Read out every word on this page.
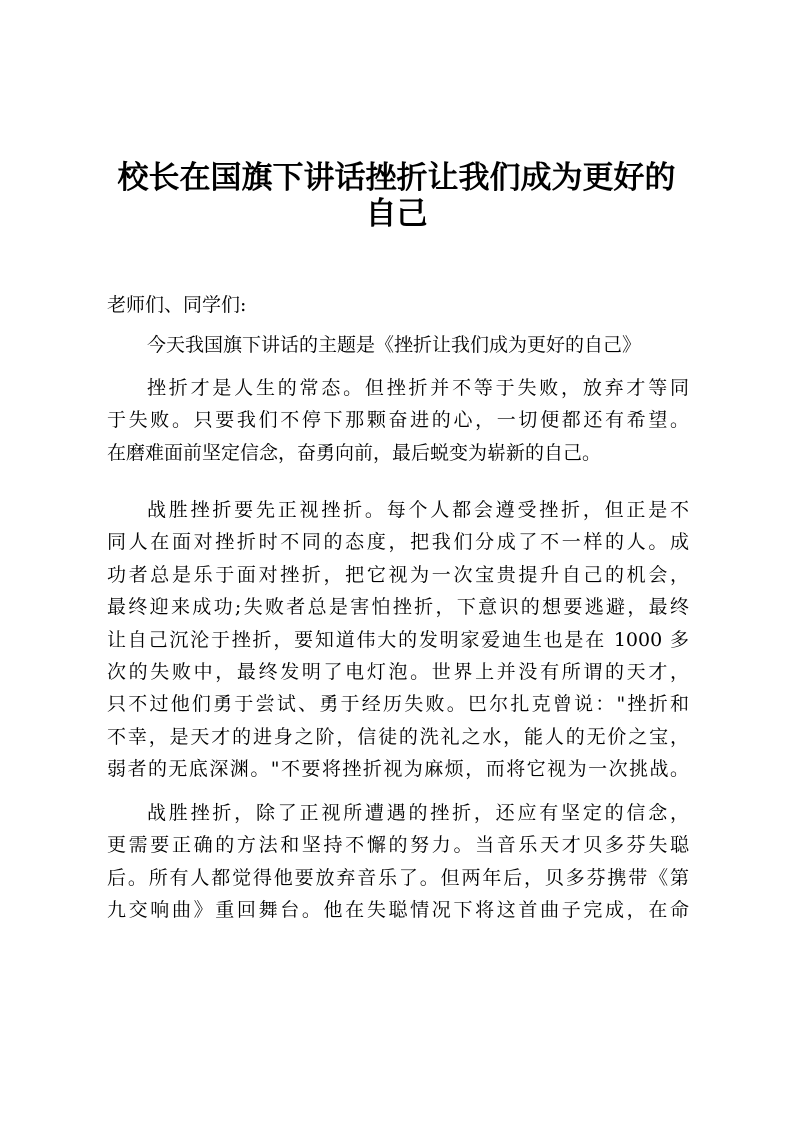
校长在国旗下讲话挫折让我们成为更好的
自己
老师们、同学们:
今天我国旗下讲话的主题是《挫折让我们成为更好的自己》
挫折才是人生的常态。但挫折并不等于失败，放弃才等同
于失败。只要我们不停下那颗奋进的心，一切便都还有希望。
在磨难面前坚定信念，奋勇向前，最后蜕变为崭新的自己。
战胜挫折要先正视挫折。每个人都会遵受挫折，但正是不
同人在面对挫折时不同的态度，把我们分成了不一样的人。成
功者总是乐于面对挫折，把它视为一次宝贵提升自己的机会，
最终迎来成功;失败者总是害怕挫折，下意识的想要逃避，最终
让自己沉沦于挫折，要知道伟大的发明家爱迪生也是在 1000 多
次的失败中，最终发明了电灯泡。世界上并没有所谓的天才，
只不过他们勇于尝试、勇于经历失败。巴尔扎克曾说："挫折和
不幸，是天才的进身之阶，信徒的洗礼之水，能人的无价之宝，
弱者的无底深渊。"不要将挫折视为麻烦，而将它视为一次挑战。
战胜挫折，除了正视所遭遇的挫折，还应有坚定的信念，
更需要正确的方法和坚持不懈的努力。当音乐天才贝多芬失聪
后。所有人都觉得他要放弃音乐了。但两年后，贝多芬携带《第
九交响曲》重回舞台。他在失聪情况下将这首曲子完成，在命
